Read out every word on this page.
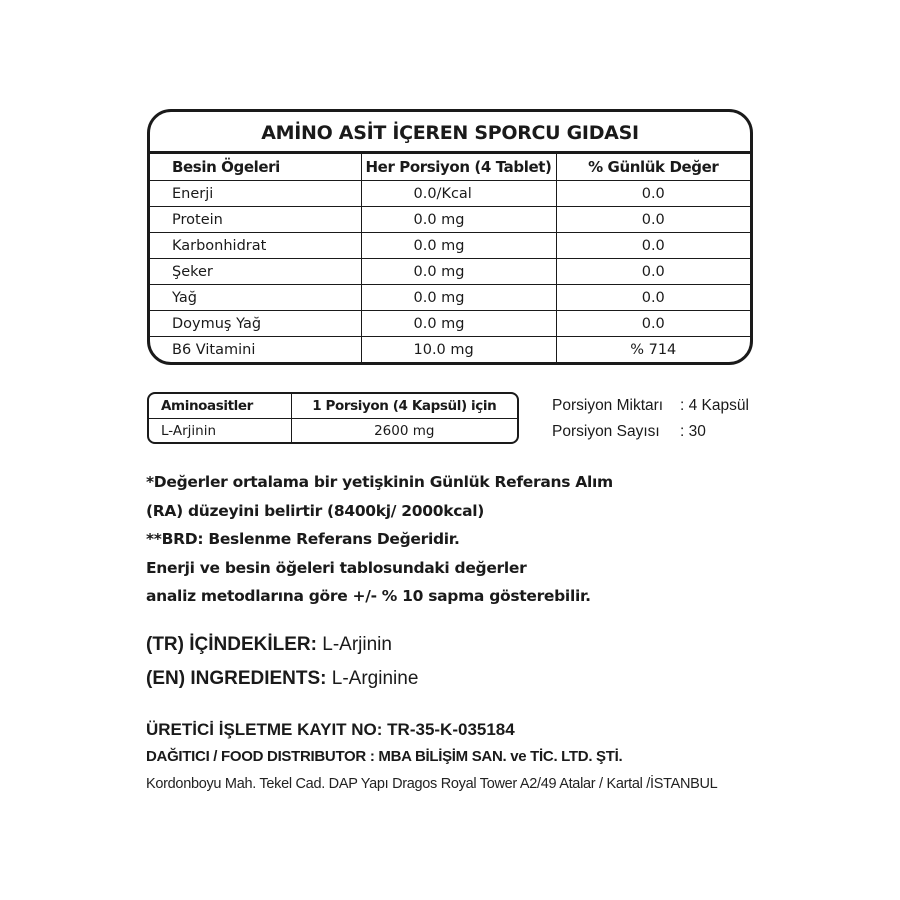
AMİNO ASİT İÇEREN SPORCU GIDASI
Besin Ögeleri	Her Porsiyon (4 Tablet)	% Günlük Değer
Enerji	0.0/Kcal	0.0
Protein	0.0 mg	0.0
Karbonhidrat	0.0 mg	0.0
Şeker	0.0 mg	0.0
Yağ	0.0 mg	0.0
Doymuş Yağ	0.0 mg	0.0
B6 Vitamini	10.0 mg	% 714
Aminoasitler	1 Porsiyon (4 Kapsül) için
L-Arjinin	2600 mg
Porsiyon Miktarı	: 4 Kapsül
Porsiyon Sayısı	: 30
*Değerler ortalama bir yetişkinin Günlük Referans Alım
(RA) düzeyini belirtir (8400kj/ 2000kcal)
**BRD: Beslenme Referans Değeridir.
Enerji ve besin öğeleri tablosundaki değerler
analiz metodlarına göre +/- % 10 sapma gösterebilir.
(TR) İÇİNDEKİLER: L-Arjinin
(EN) INGREDIENTS: L-Arginine
ÜRETİCİ İŞLETME KAYIT NO: TR-35-K-035184
DAĞITICI / FOOD DISTRIBUTOR : MBA BİLİŞİM SAN. ve TİC. LTD. ŞTİ.
Kordonboyu Mah. Tekel Cad. DAP Yapı Dragos Royal Tower A2/49 Atalar / Kartal /İSTANBUL
